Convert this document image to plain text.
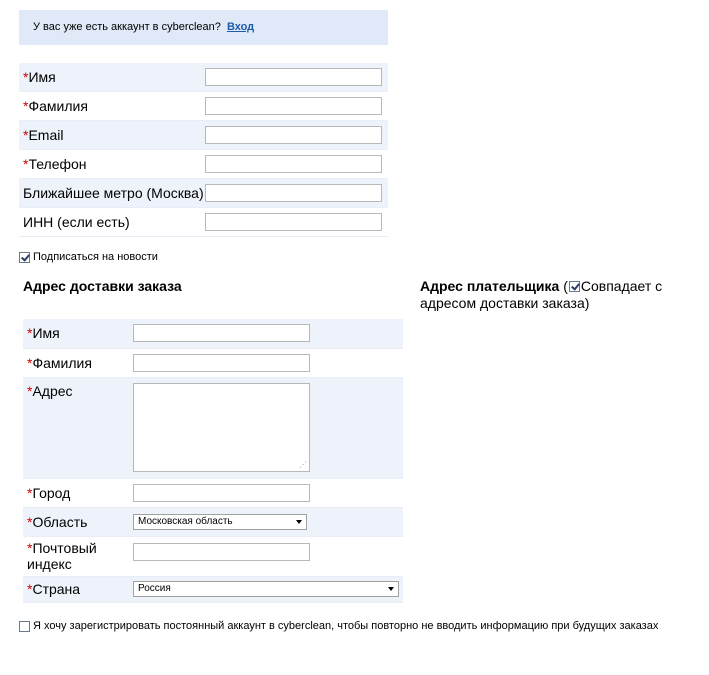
У вас уже есть аккаунт в cyberclean? Вход
*Имя	
*Фамилия	
*Email	
*Телефон	
Ближайшее метро (Москва)	
ИНН (если есть)	
Подписаться на новости
Адрес доставки заказа	Адрес плательщика ( Совпадает с адресом доставки заказа)
*Имя	
*Фамилия	
*Адрес	⋰

*Город	
*Область	Московская область

*Почтовый
индекс

*Страна	Россия
Я хочу зарегистрировать постоянный аккаунт в cyberclean, чтобы повторно не вводить информацию при будущих заказах
